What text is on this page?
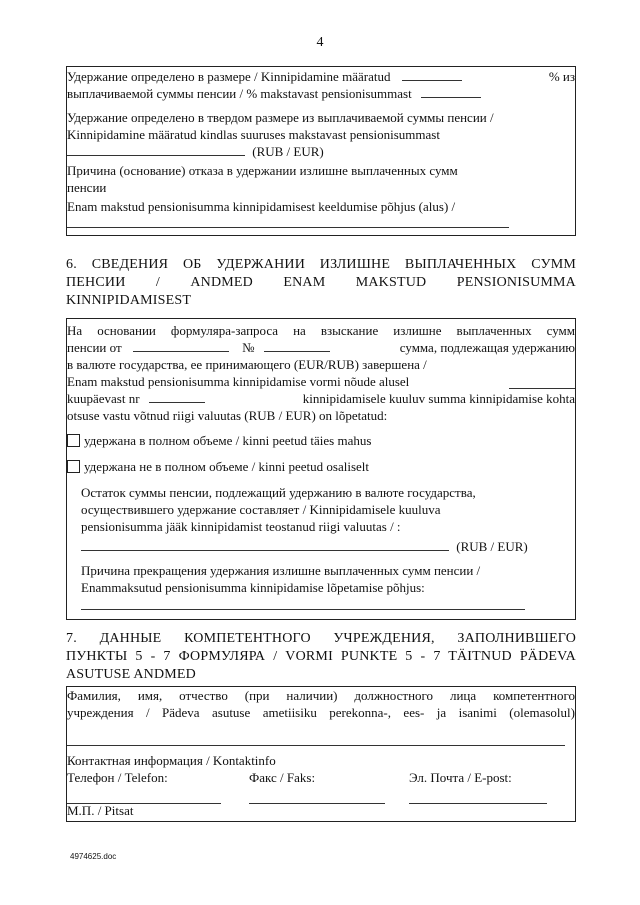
4
Удержание определено в размере / Kinnipidamine määratud	% из
выплачиваемой суммы пенсии / % makstavast pensionisummast
Удержание определено в твердом размере из выплачиваемой суммы пенсии /
Kinnipidamine määratud kindlas suuruses makstavast pensionisummast
(RUB / EUR)
Причина (основание) отказа в удержании излишне выплаченных сумм
пенсии
Enam makstud pensionisumma kinnipidamisest keeldumise põhjus (alus) /
6. СВЕДЕНИЯ ОБ УДЕРЖАНИИ ИЗЛИШНЕ ВЫПЛАЧЕННЫХ СУММ
ПЕНСИИ / ANDMED ENAM MAKSTUD PENSIONISUMMA
KINNIPIDAMISEST
На основании формуляра-запроса на взыскание излишне выплаченных сумм
пенсии от	№	сумма, подлежащая удержанию
в валюте государства, ее принимающего (EUR/RUB) завершена /
Enam makstud pensionisumma kinnipidamise vormi nõude alusel
kuupäevast nr	kinnipidamisele kuuluv summa kinnipidamise kohta
otsuse vastu võtnud riigi valuutas (RUB / EUR) on lõpetatud:
удержана в полном объеме / kinni peetud täies mahus
удержана не в полном объеме / kinni peetud osaliselt
Остаток суммы пенсии, подлежащий удержанию в валюте государства,
осуществившего удержание составляет / Kinnipidamisele kuuluva
pensionisumma jääk kinnipidamist teostanud riigi valuutas / :
(RUB / EUR)
Причина прекращения удержания излишне выплаченных сумм пенсии /
Enammaksutud pensionisumma kinnipidamise lõpetamise põhjus:
7. ДАННЫЕ КОМПЕТЕНТНОГО УЧРЕЖДЕНИЯ, ЗАПОЛНИВШЕГО
ПУНКТЫ 5 - 7 ФОРМУЛЯРА / VORMI PUNKTE 5 - 7 TÄITNUD PÄDEVA
ASUTUSE ANDMED
Фамилия, имя, отчество (при наличии) должностного лица компетентного
учреждения / Pädeva asutuse ametiisiku perekonna-, ees- ja isanimi (olemasolul)
Контактная информация / Kontaktinfo
Телефон / Telefon:	Факс / Faks:	Эл. Почта / E-post:
М.П. / Pitsat
4974625.doc
